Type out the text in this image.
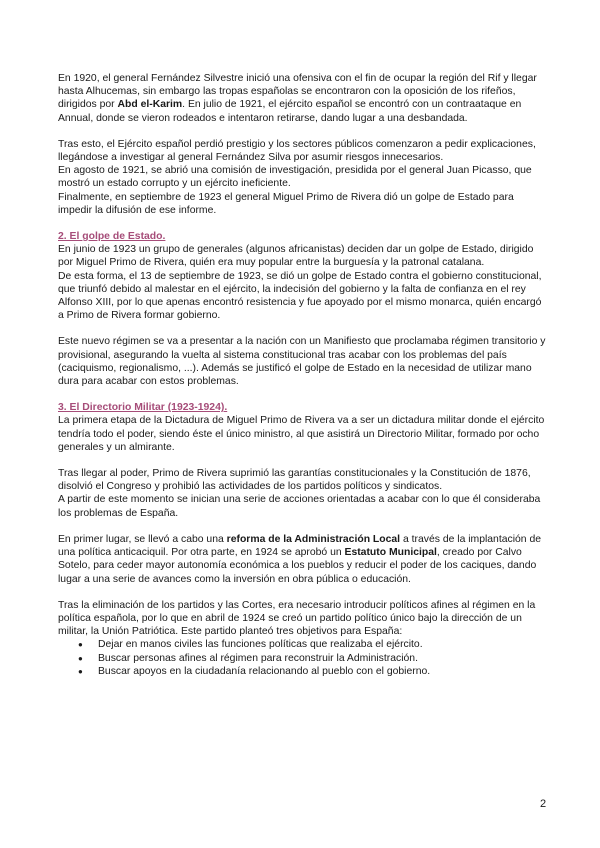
En 1920, el general Fernández Silvestre inició una ofensiva con el fin de ocupar la región del Rif y llegar hasta Alhucemas, sin embargo las tropas españolas se encontraron con la oposición de los rifeños, dirigidos por Abd el-Karim. En julio de 1921, el ejército español se encontró con un contraataque en Annual, donde se vieron rodeados e intentaron retirarse, dando lugar a una desbandada.

Tras esto, el Ejército español perdió prestigio y los sectores públicos comenzaron a pedir explicaciones, llegándose a investigar al general Fernández Silva por asumir riesgos innecesarios.

En agosto de 1921, se abrió una comisión de investigación, presidida por el general Juan Picasso, que mostró un estado corrupto y un ejército ineficiente.

Finalmente, en septiembre de 1923 el general Miguel Primo de Rivera dió un golpe de Estado para impedir la difusión de ese informe.

2. El golpe de Estado.

En junio de 1923 un grupo de generales (algunos africanistas) deciden dar un golpe de Estado, dirigido por Miguel Primo de Rivera, quién era muy popular entre la burguesía y la patronal catalana.

De esta forma, el 13 de septiembre de 1923, se dió un golpe de Estado contra el gobierno constitucional, que triunfó debido al malestar en el ejército, la indecisión del gobierno y la falta de confianza en el rey Alfonso XIII, por lo que apenas encontró resistencia y fue apoyado por el mismo monarca, quién encargó a Primo de Rivera formar gobierno.

Este nuevo régimen se va a presentar a la nación con un Manifiesto que proclamaba régimen transitorio y provisional, asegurando la vuelta al sistema constitucional tras acabar con los problemas del país (caciquismo, regionalismo, ...). Además se justificó el golpe de Estado en la necesidad de utilizar mano dura para acabar con estos problemas.

3. El Directorio Militar (1923-1924).

La primera etapa de la Dictadura de Miguel Primo de Rivera va a ser un dictadura militar donde el ejército tendría todo el poder, siendo éste el único ministro, al que asistirá un Directorio Militar, formado por ocho generales y un almirante.

Tras llegar al poder, Primo de Rivera suprimió las garantías constitucionales y la Constitución de 1876, disolvió el Congreso y prohibió las actividades de los partidos políticos y sindicatos.

A partir de este momento se inician una serie de acciones orientadas a acabar con lo que él consideraba los problemas de España.

En primer lugar, se llevó a cabo una reforma de la Administración Local a través de la implantación de una política anticaciquil. Por otra parte, en 1924 se aprobó un Estatuto Municipal, creado por Calvo Sotelo, para ceder mayor autonomía económica a los pueblos y reducir el poder de los caciques, dando lugar a una serie de avances como la inversión en obra pública o educación.

Tras la eliminación de los partidos y las Cortes, era necesario introducir políticos afines al régimen en la política española, por lo que en abril de 1924 se creó un partido político único bajo la dirección de un militar, la Unión Patriótica. Este partido planteó tres objetivos para España:

● Dejar en manos civiles las funciones políticas que realizaba el ejército.
● Buscar personas afines al régimen para reconstruir la Administración.
● Buscar apoyos en la ciudadanía relacionando al pueblo con el gobierno.
2
